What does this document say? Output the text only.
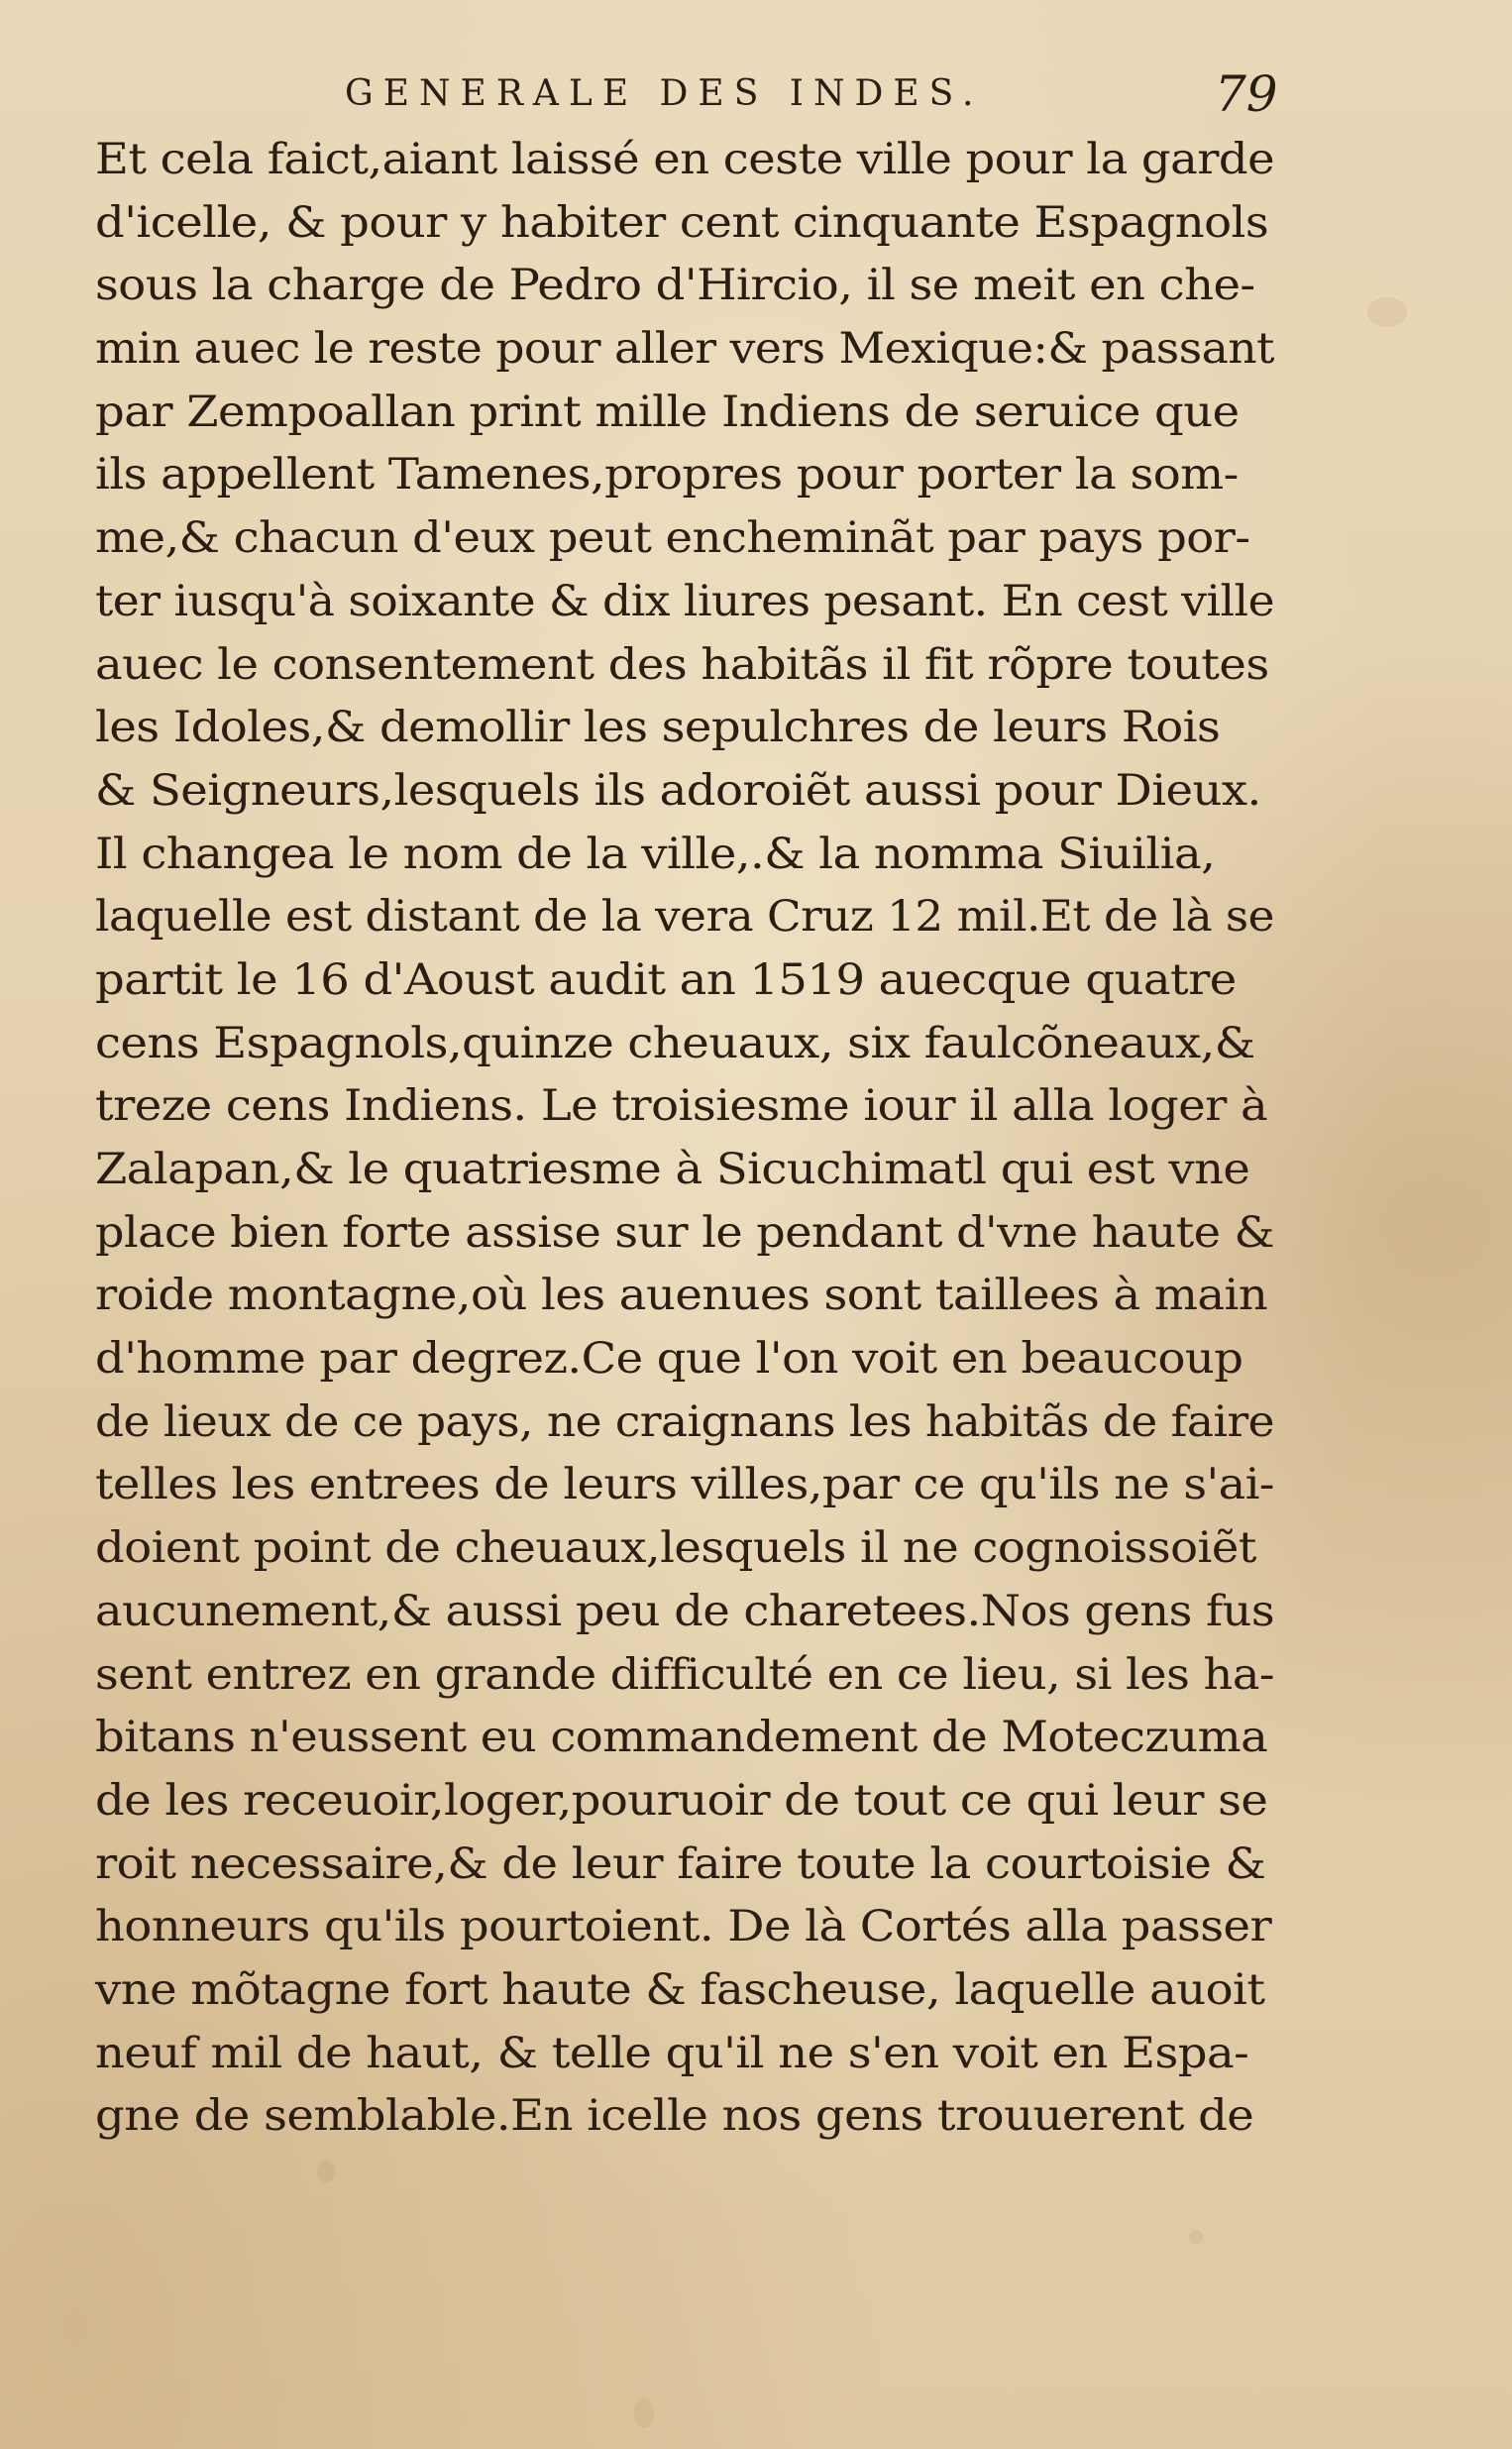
GENERALE DES INDES.	79
Et cela faict,aiant laissé en ceste ville pour la garde
d'icelle, & pour y habiter cent cinquante Espagnols
sous la charge de Pedro d'Hircio, il se meit en che-
min auec le reste pour aller vers Mexique:& passant
par Zempoallan print mille Indiens de seruice que
ils appellent Tamenes,propres pour porter la som-
me,& chacun d'eux peut encheminãt par pays por-
ter iusqu'à soixante & dix liures pesant. En cest ville
auec le consentement des habitãs il fit rõpre toutes
les Idoles,& demollir les sepulchres de leurs Rois
& Seigneurs,lesquels ils adoroiẽt aussi pour Dieux.
Il changea le nom de la ville,.& la nomma Siuilia,
laquelle est distant de la vera Cruz 12 mil.Et de là se
partit le 16 d'Aoust audit an 1519 auecque quatre
cens Espagnols,quinze cheuaux, six faulcõneaux,&
treze cens Indiens. Le troisiesme iour il alla loger à
Zalapan,& le quatriesme à Sicuchimatl qui est vne
place bien forte assise sur le pendant d'vne haute &
roide montagne,où les auenues sont taillees à main
d'homme par degrez.Ce que l'on voit en beaucoup
de lieux de ce pays, ne craignans les habitãs de faire
telles les entrees de leurs villes,par ce qu'ils ne s'ai-
doient point de cheuaux,lesquels il ne cognoissoiẽt
aucunement,& aussi peu de charetees.Nos gens fus
sent entrez en grande difficulté en ce lieu, si les ha-
bitans n'eussent eu commandement de Moteczuma
de les receuoir,loger,pouruoir de tout ce qui leur se
roit necessaire,& de leur faire toute la courtoisie &
honneurs qu'ils pourtoient. De là Cortés alla passer
vne mõtagne fort haute & fascheuse, laquelle auoit
neuf mil de haut, & telle qu'il ne s'en voit en Espa-
gne de semblable.En icelle nos gens trouuerent de
